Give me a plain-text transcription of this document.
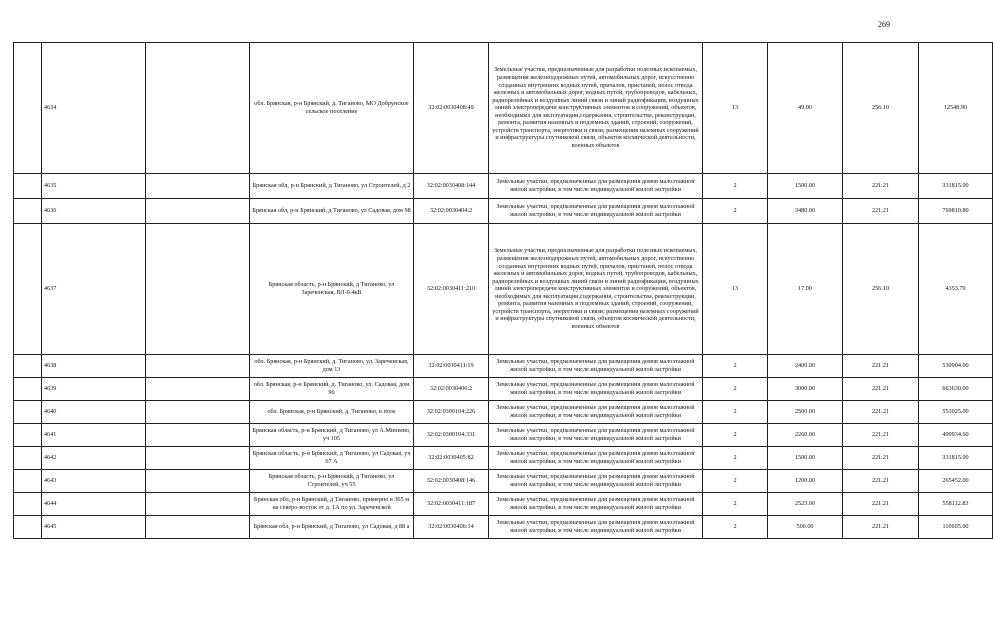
269
	4634		обл. Брянская, р-н Брянский, д. Тиганово, МО Добрунское сельское поселение	32:02:0030408:49	Земельные участки, предназначенные для разработки полезных ископаемых, размещения железнодорожных путей, автомобильных дорог, искусственно созданных внутренних водных путей, причалов, пристаней, полос отвода железных и автомобильных дорог, водных путей, трубопроводов, кабельных, радиорелейных и воздушных линий связи и линий радиофикации, воздушных линий электропередачи конструктивных элементов и сооружений, объектов, необходимых для эксплуатации,содержания, строительства, реконструкции, ремонта, развития наземных и подземных зданий, строений, сооружений, устройств транспорта, энергетики и связи; размещения наземных сооружений и инфраструктуры спутниковой связи, объектов космической деятельности, военных объектов	13	49.00	256.10	12548.90
	4635		Брянская обл, р-н Брянский, д Тиганово, ул Строителей, д 2	32:02:0030408:144	Земельные участки, предназначенные для размещения домов малоэтажной жилой застройки, в том числе индивидуальной жилой застройки	2	1500.00	221.21	331815.00
	4636		Брянская обл, р-н Брянский, д Тиганово, ул Садовая, дом 98	32:02:0030404:2	Земельные участки, предназначенные для размещения домов малоэтажной жилой застройки, в том числе индивидуальной жилой застройки	2	3480.00	221.21	769810.80
	4637		Брянская область, р-н Брянский, д Тиганово, ул Зареченская, ВЛ-0.4кВ	32:02:0030411:210	Земельные участки, предназначенные для разработки полезных ископаемых, размещения железнодорожных путей, автомобильных дорог, искусственно созданных внутренних водных путей, причалов, пристаней, полос отвода железных и автомобильных дорог, водных путей, трубопроводов, кабельных, радиорелейных и воздушных линий связи и линий радиофикации, воздушных линий электропередачи конструктивных элементов и сооружений, объектов, необходимых для эксплуатации,содержания, строительства, реконструкции, ремонта, развития наземных и подземных зданий, строений, сооружений, устройств транспорта, энергетики и связи; размещения наземных сооружений и инфраструктуры спутниковой связи, объектов космической деятельности, военных объектов	13	17.00	256.10	4353.70
	4638		обл. Брянская, р-н Брянский, д. Тиганово, ул. Зареченская, дом 13	32:02:0030411:19	Земельные участки, предназначенные для размещения домов малоэтажной жилой застройки, в том числе индивидуальной жилой застройки	2	2400.00	221.21	530904.00
	4639		обл. Брянская, р-н Брянский, д. Тиганово, ул. Садовая, дом 90	32:02:0030406:2	Земельные участки, предназначенные для размещения домов малоэтажной жилой застройки, в том числе индивидуальной жилой застройки	2	3000.00	221.21	663630.00
	4640		обл. Брянская, р-н Брянский, д. Тиганово, в поле	32:02:0300104:226	Земельные участки, предназначенные для размещения домов малоэтажной жилой застройки, в том числе индивидуальной жилой застройки	2	2500.00	221.21	553025.00
	4641		Брянская область, р-н Брянский, д Тиганово, ул А.Минеево, уч 105	32:02:0300104:331	Земельные участки, предназначенные для размещения домов малоэтажной жилой застройки, в том числе индивидуальной жилой застройки	2	2260.00	221.21	499934.60
	4642		Брянская область, р-н Брянский, д Тиганово, ул Садовая, уч 67 А	32:02:0030405:82	Земельные участки, предназначенные для размещения домов малоэтажной жилой застройки, в том числе индивидуальной жилой застройки	2	1500.00	221.21	331815.00
	4643		Брянская область, р-н Брянский, д Тиганово, ул Строителей, уч 55	32:02:0030408:146	Земельные участки, предназначенные для размещения домов малоэтажной жилой застройки, в том числе индивидуальной жилой застройки	2	1200.00	221.21	265452.00
	4644		Брянская обл, р-н Брянский, д Тиганово, примерно в 365 м на северо-восток от д. 1А по ул. Зареченской	32:02:0030411:187	Земельные участки, предназначенные для размещения домов малоэтажной жилой застройки, в том числе индивидуальной жилой застройки	2	2523.00	221.21	558112.83
	4645		Брянская обл, р-н Брянский, д Тиганово, ул Садовая, д 88 а	32:02:0030406:14	Земельные участки, предназначенные для размещения домов малоэтажной жилой застройки, в том числе индивидуальной жилой застройки	2	500.00	221.21	110605.00
